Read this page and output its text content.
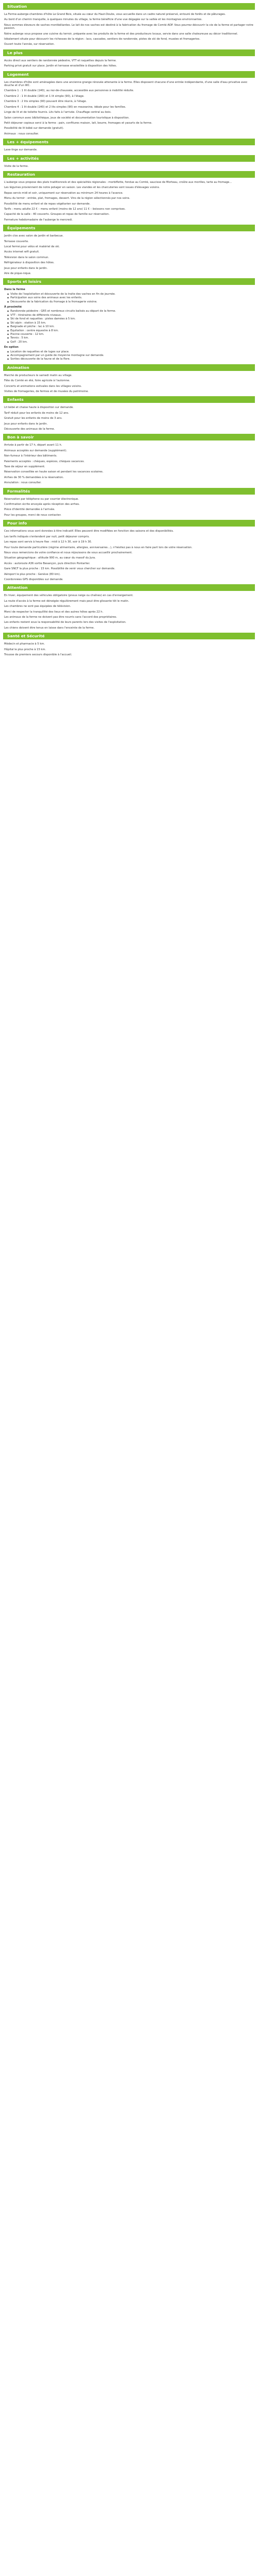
Situation

La Ferme-auberge-chambres d'hôte Le Grand Bois, située au cœur du Haut-Doubs, vous accueille dans un cadre naturel préservé, entouré de forêts et de pâturages.

Au bord d'un chemin tranquille, à quelques minutes du village, la ferme bénéficie d'une vue dégagée sur la vallée et les montagnes environnantes.

Nous sommes éleveurs de vaches montbéliardes. Le lait de nos vaches est destiné à la fabrication du fromage de Comté AOP. Vous pourrez découvrir la vie de la ferme et partager notre passion.

Notre auberge vous propose une cuisine du terroir, préparée avec les produits de la ferme et des producteurs locaux, servie dans une salle chaleureuse au décor traditionnel.

Idéalement située pour découvrir les richesses de la région : lacs, cascades, sentiers de randonnée, pistes de ski de fond, musées et fromageries.

Ouvert toute l'année, sur réservation.

Le plus

Accès direct aux sentiers de randonnée pédestre, VTT et raquettes depuis la ferme.

Parking privé gratuit sur place. Jardin et terrasse ensoleillée à disposition des hôtes.

Logement

Les chambres d'hôte sont aménagées dans une ancienne grange rénovée attenante à la ferme. Elles disposent chacune d'une entrée indépendante, d'une salle d'eau privative avec douche et d'un WC.

Chambre 1 : 1 lit double (140), au rez-de-chaussée, accessible aux personnes à mobilité réduite.

Chambre 2 : 1 lit double (160) et 1 lit simple (90), à l'étage.

Chambre 3 : 2 lits simples (90) pouvant être réunis, à l'étage.

Chambre 4 : 1 lit double (140) et 2 lits simples (90) en mezzanine, idéale pour les familles.

Linge de lit et de toilette fournis. Lits faits à l'arrivée. Chauffage central au bois.

Salon commun avec bibliothèque, jeux de société et documentation touristique à disposition.

Petit déjeuner copieux servi à la ferme : pain, confitures maison, lait, beurre, fromages et yaourts de la ferme.

Possibilité de lit bébé sur demande (gratuit).

Animaux : nous consulter.

Les + équipements

Lave-linge sur demande.

Les + activités

Visite de la ferme.

Restauration

L'auberge vous propose des plats traditionnels et des spécialités régionales : morbiflette, fondue au Comté, saucisse de Morteau, croûte aux morilles, tarte au fromage…

Les légumes proviennent de notre potager en saison. Les viandes et les charcuteries sont issues d'élevages voisins.

Repas servis midi et soir, uniquement sur réservation au minimum 24 heures à l'avance.

Menu du terroir : entrée, plat, fromages, dessert. Vins de la région sélectionnés par nos soins.

Possibilité de menu enfant et de repas végétarien sur demande.

Tarifs : menu adulte 22 € – menu enfant (moins de 12 ans) 11 € – boissons non comprises.

Capacité de la salle : 40 couverts. Groupes et repas de famille sur réservation.

Fermeture hebdomadaire de l'auberge le mercredi.

Équipements

Jardin clos avec salon de jardin et barbecue.

Terrasse couverte.

Local fermé pour vélos et matériel de ski.

Accès internet wifi gratuit.

Télévision dans le salon commun.

Réfrigérateur à disposition des hôtes.

Jeux pour enfants dans le jardin.

Aire de pique-nique.

Sports et loisirs
Dans la ferme
◆ Visite de l'exploitation et découverte de la traite des vaches en fin de journée.
◆ Participation aux soins des animaux avec les enfants.
◆ Découverte de la fabrication du fromage à la fromagerie voisine.
À proximité
◆ Randonnée pédestre : GR5 et nombreux circuits balisés au départ de la ferme.
◆ VTT : itinéraires de différents niveaux.
◆ Ski de fond et raquettes : pistes damées à 5 km.
◆ Ski alpin : station à 15 km.
◆ Baignade et pêche : lac à 10 km.
◆ Équitation : centre équestre à 8 km.
◆ Piscine couverte : 12 km.
◆ Tennis : 5 km.
◆ Golf : 20 km.
En option
◆ Location de raquettes et de luges sur place.
◆ Accompagnement par un guide de moyenne montagne sur demande.
◆ Sorties découverte de la faune et de la flore.
Animation

Marché de producteurs le samedi matin au village.

Fête du Comté en été, foire agricole à l'automne.

Concerts et animations estivales dans les villages voisins.

Visites de fromageries, de fermes et de musées du patrimoine.

Enfants

Lit bébé et chaise haute à disposition sur demande.

Tarif réduit pour les enfants de moins de 12 ans.

Gratuit pour les enfants de moins de 3 ans.

Jeux pour enfants dans le jardin.

Découverte des animaux de la ferme.

Bon à savoir

Arrivée à partir de 17 h, départ avant 11 h.

Animaux acceptés sur demande (supplément).

Non-fumeur à l'intérieur des bâtiments.

Paiements acceptés : chèques, espèces, chèques vacances.

Taxe de séjour en supplément.

Réservation conseillée en haute saison et pendant les vacances scolaires.

Arrhes de 30 % demandées à la réservation.

Annulation : nous consulter.

Formalités

Réservation par téléphone ou par courrier électronique.

Confirmation écrite envoyée après réception des arrhes.

Pièce d'identité demandée à l'arrivée.

Pour les groupes, merci de nous contacter.

Pour info

Ces informations vous sont données à titre indicatif. Elles peuvent être modifiées en fonction des saisons et des disponibilités.

Les tarifs indiqués s'entendent par nuit, petit déjeuner compris.

Les repas sont servis à heure fixe : midi à 12 h 30, soir à 19 h 30.

Pour toute demande particulière (régime alimentaire, allergies, anniversaires…), n'hésitez pas à nous en faire part lors de votre réservation.

Nous vous remercions de votre confiance et nous réjouissons de vous accueillir prochainement.

Situation géographique : altitude 900 m, au cœur du massif du Jura.

Accès : autoroute A36 sortie Besançon, puis direction Pontarlier.

Gare SNCF la plus proche : 15 km. Possibilité de venir vous chercher sur demande.

Aéroport le plus proche : Genève (80 km).

Coordonnées GPS disponibles sur demande.

Attention

En hiver, équipement des véhicules obligatoire (pneus neige ou chaînes) en cas d'enneigement.

La route d'accès à la ferme est déneigée régulièrement mais peut être glissante tôt le matin.

Les chambres ne sont pas équipées de télévision.

Merci de respecter la tranquillité des lieux et des autres hôtes après 22 h.

Les animaux de la ferme ne doivent pas être nourris sans l'accord des propriétaires.

Les enfants restent sous la responsabilité de leurs parents lors des visites de l'exploitation.

Les chiens doivent être tenus en laisse dans l'enceinte de la ferme.

Santé et Sécurité

Médecin et pharmacie à 5 km.

Hôpital le plus proche à 15 km.

Trousse de premiers secours disponible à l'accueil.
